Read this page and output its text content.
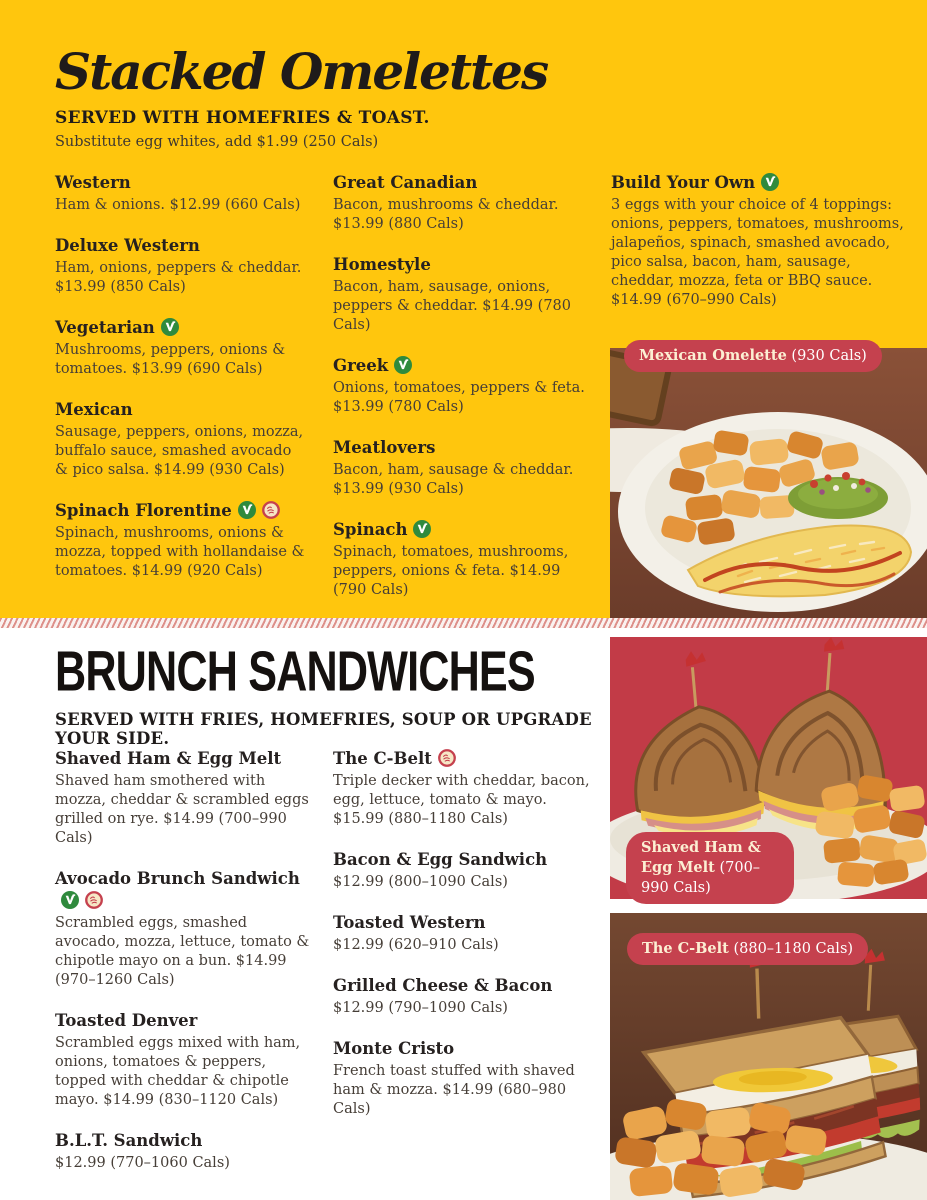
Stacked Omelettes

SERVED WITH HOMEFRIES & TOAST.

Substitute egg whites, add $1.99 (250 Cals)

Western

Ham & onions. $12.99 (660 Cals)

Deluxe Western

Ham, onions, peppers & cheddar. $13.99 (850 Cals)

Vegetarian

Mushrooms, peppers, onions & tomatoes. $13.99 (690 Cals)

Mexican

Sausage, peppers, onions, mozza, buffalo sauce, smashed avocado & pico salsa. $14.99 (930 Cals)

Spinach Florentine

Spinach, mushrooms, onions & mozza, topped with hollandaise & tomatoes. $14.99 (920 Cals)

Great Canadian

Bacon, mushrooms & cheddar. $13.99 (880 Cals)

Homestyle

Bacon, ham, sausage, onions, peppers & cheddar. $14.99 (780 Cals)

Greek

Onions, tomatoes, peppers & feta. $13.99 (780 Cals)

Meatlovers

Bacon, ham, sausage & cheddar. $13.99 (930 Cals)

Spinach

Spinach, tomatoes, mushrooms, peppers, onions & feta. $14.99 (790 Cals)

Build Your Own

3 eggs with your choice of 4 toppings: onions, peppers, tomatoes, mushrooms, jalapeños, spinach, smashed avocado, pico salsa, bacon, ham, sausage, cheddar, mozza, feta or BBQ sauce. $14.99 (670–990 Cals)

Mexican Omelette (930 Cals)
BRUNCH SANDWICHES

SERVED WITH FRIES, HOMEFRIES, SOUP OR UPGRADE YOUR SIDE.

Shaved Ham & Egg Melt

Shaved ham smothered with mozza, cheddar & scrambled eggs grilled on rye. $14.99 (700–990 Cals)

Avocado Brunch Sandwich

Scrambled eggs, smashed avocado, mozza, lettuce, tomato & chipotle mayo on a bun. $14.99 (970–1260 Cals)

Toasted Denver

Scrambled eggs mixed with ham, onions, tomatoes & peppers, topped with cheddar & chipotle mayo. $14.99 (830–1120 Cals)

B.L.T. Sandwich

$12.99 (770–1060 Cals)

The C-Belt

Triple decker with cheddar, bacon, egg, lettuce, tomato & mayo. $15.99 (880–1180 Cals)

Bacon & Egg Sandwich

$12.99 (800–1090 Cals)

Toasted Western

$12.99 (620–910 Cals)

Grilled Cheese & Bacon

$12.99 (790–1090 Cals)

Monte Cristo

French toast stuffed with shaved ham & mozza. $14.99 (680–980 Cals)

Shaved Ham & Egg Melt (700–990 Cals)
The C-Belt (880–1180 Cals)
